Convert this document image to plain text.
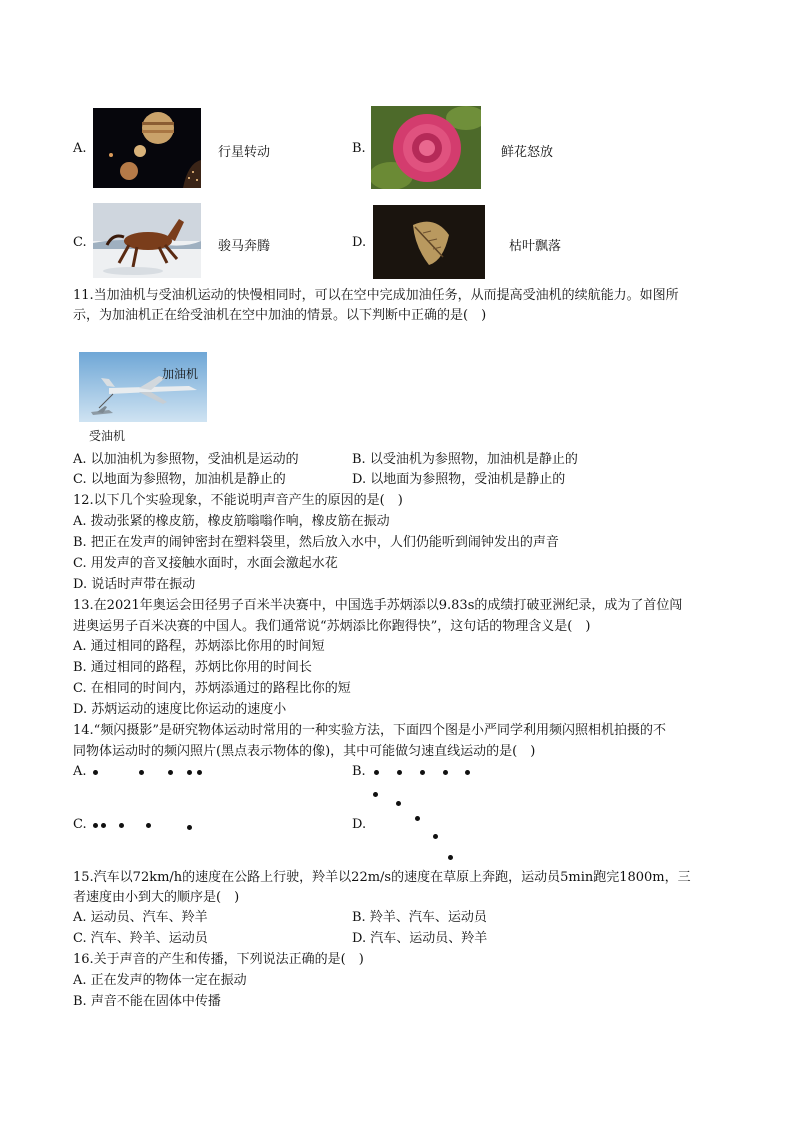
A.	行星转动	B.	鲜花怒放
C.	骏马奔腾	D.	枯叶飘落
11.当加油机与受油机运动的快慢相同时，可以在空中完成加油任务，从而提高受油机的续航能力。如图所
示，为加油机正在给受油机在空中加油的情景。以下判断中正确的是(　)
加油机
受油机
A. 以加油机为参照物，受油机是运动的	B. 以受油机为参照物，加油机是静止的
C. 以地面为参照物，加油机是静止的	D. 以地面为参照物，受油机是静止的
12.以下几个实验现象，不能说明声音产生的原因的是(　)
A. 拨动张紧的橡皮筋，橡皮筋嗡嗡作响，橡皮筋在振动
B. 把正在发声的闹钟密封在塑料袋里，然后放入水中，人们仍能听到闹钟发出的声音
C. 用发声的音叉接触水面时，水面会激起水花
D. 说话时声带在振动
13.在2021年奥运会田径男子百米半决赛中，中国选手苏炳添以9.83s的成绩打破亚洲纪录，成为了首位闯
进奥运男子百米决赛的中国人。我们通常说“苏炳添比你跑得快”，这句话的物理含义是(　)
A. 通过相同的路程，苏炳添比你用的时间短
B. 通过相同的路程，苏炳比你用的时间长
C. 在相同的时间内，苏炳添通过的路程比你的短
D. 苏炳运动的速度比你运动的速度小
14.“频闪摄影”是研究物体运动时常用的一种实验方法，下面四个图是小严同学利用频闪照相机拍摄的不
同物体运动时的频闪照片(黑点表示物体的像)，其中可能做匀速直线运动的是(　)
A.	B.
C.	D.
15.汽车以72km/h的速度在公路上行驶，羚羊以22m/s的速度在草原上奔跑，运动员5min跑完1800m，三
者速度由小到大的顺序是(　)
A. 运动员、汽车、羚羊	B. 羚羊、汽车、运动员
C. 汽车、羚羊、运动员	D. 汽车、运动员、羚羊
16.关于声音的产生和传播，下列说法正确的是(　)
A. 正在发声的物体一定在振动
B. 声音不能在固体中传播
